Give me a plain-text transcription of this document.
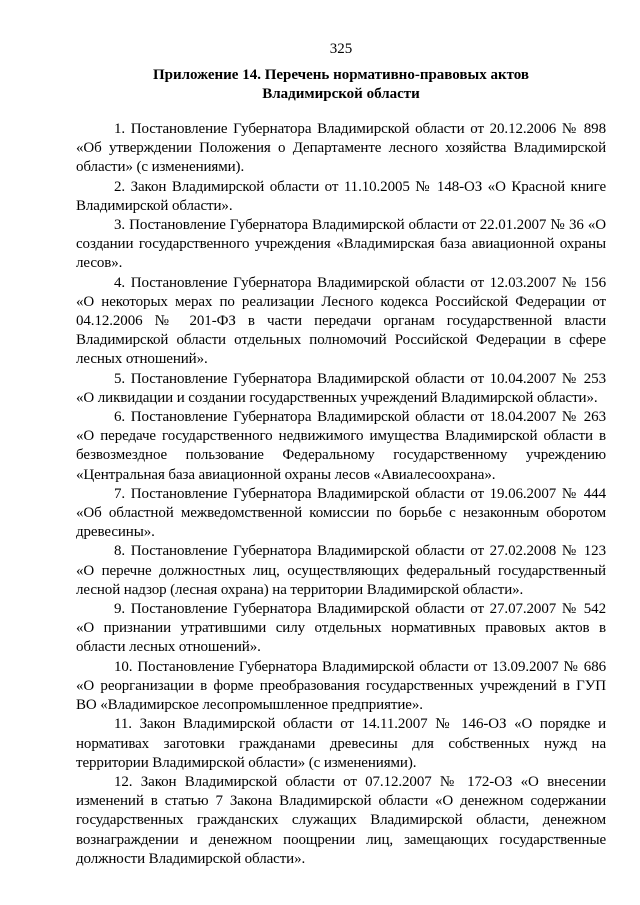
325
Приложение 14. Перечень нормативно-правовых актов
Владимирской области

1. Постановление Губернатора Владимирской области от 20.12.2006 № 898 «Об утверждении Положения о Департаменте лесного хозяйства Владимирской области» (с изменениями).

2. Закон Владимирской области от 11.10.2005 № 148-ОЗ «О Красной книге Владимирской области».

3. Постановление Губернатора Владимирской области от 22.01.2007 № 36 «О создании государственного учреждения «Владимирская база авиационной охраны лесов».

4. Постановление Губернатора Владимирской области от 12.03.2007 № 156 «О некоторых мерах по реализации Лесного кодекса Российской Федерации от 04.12.2006 № 201-ФЗ в части передачи органам государственной власти Владимирской области отдельных полномочий Российской Федерации в сфере лесных отношений».

5. Постановление Губернатора Владимирской области от 10.04.2007 № 253 «О ликвидации и создании государственных учреждений Владимирской области».

6. Постановление Губернатора Владимирской области от 18.04.2007 № 263 «О передаче государственного недвижимого имущества Владимирской области в безвозмездное пользование Федеральному государственному учреждению «Центральная база авиационной охраны лесов «Авиалесоохрана».

7. Постановление Губернатора Владимирской области от 19.06.2007 № 444 «Об областной межведомственной комиссии по борьбе с незаконным оборотом древесины».

8. Постановление Губернатора Владимирской области от 27.02.2008 № 123 «О перечне должностных лиц, осуществляющих федеральный государственный лесной надзор (лесная охрана) на территории Владимирской области».

9. Постановление Губернатора Владимирской области от 27.07.2007 № 542 «О признании утратившими силу отдельных нормативных правовых актов в области лесных отношений».

10. Постановление Губернатора Владимирской области от 13.09.2007 № 686 «О реорганизации в форме преобразования государственных учреждений в ГУП ВО «Владимирское лесопромышленное предприятие».

11. Закон Владимирской области от 14.11.2007 № 146-ОЗ «О порядке и нормативах заготовки гражданами древесины для собственных нужд на территории Владимирской области» (с изменениями).

12. Закон Владимирской области от 07.12.2007 № 172-ОЗ «О внесении изменений в статью 7 Закона Владимирской области «О денежном содержании государственных гражданских служащих Владимирской области, денежном вознаграждении и денежном поощрении лиц, замещающих государственные должности Владимирской области».
